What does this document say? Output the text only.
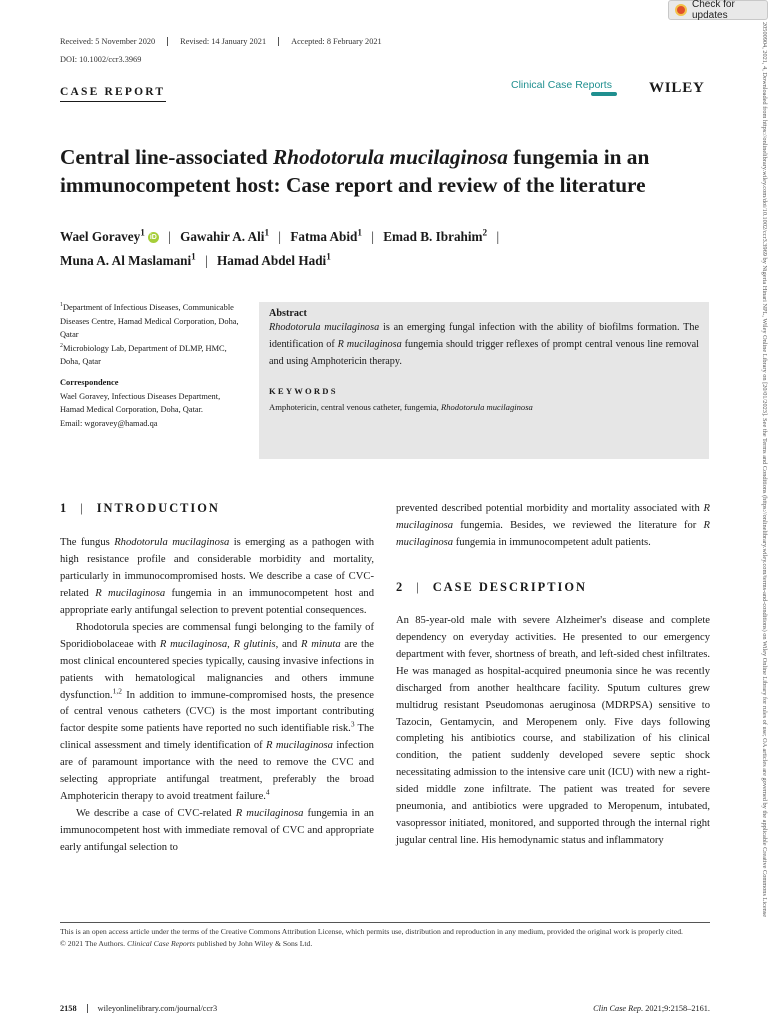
Check for updates
20500904, 2021, 4, Downloaded from https://onlinelibrary.wiley.com/doi/10.1002/ccr3.3969 by Nigeria Hinari NPL, Wiley Online Library on [20/01/2023]. See the Terms and Conditions (https://onlinelibrary.wiley.com/terms-and-conditions) on Wiley Online Library for rules of use; OA articles are governed by the applicable Creative Commons License
Received: 5 November 2020	Revised: 14 January 2021	Accepted: 8 February 2021
DOI: 10.1002/ccr3.3969
CASE REPORT
Clinical Case Reports	WILEY
Central line-associated Rhodotorula mucilaginosa fungemia in an immunocompetent host: Case report and review of the literature
Wael Goravey$^1$ iD | Gawahir A. Ali$^1$ | Fatma Abid$^1$ | Emad B. Ibrahim$^2$ |
Muna A. Al Maslamani$^1$ | Hamad Abdel Hadi$^1$

$^1$Department of Infectious Diseases, Communicable Diseases Centre, Hamad Medical Corporation, Doha, Qatar

$^2$Microbiology Lab, Department of DLMP, HMC, Doha, Qatar

Correspondence

Wael Goravey, Infectious Diseases Department, Hamad Medical Corporation, Doha, Qatar.

Email: wgoravey@hamad.qa

Abstract
Rhodotorula mucilaginosa is an emerging fungal infection with the ability of biofilms formation. The identification of R mucilaginosa fungemia should trigger reflexes of prompt central venous line removal and using Amphotericin therapy.
KEYWORDS
Amphotericin, central venous catheter, fungemia, Rhodotorula mucilaginosa
1 | INTRODUCTION

The fungus Rhodotorula mucilaginosa is emerging as a pathogen with high resistance profile and considerable morbidity and mortality, particularly in immunocompromised hosts. We describe a case of CVC-related R mucilaginosa fungemia in an immunocompetent host and appropriate early antifungal selection to prevent potential consequences.

Rhodotorula species are commensal fungi belonging to the family of Sporidiobolaceae with R mucilaginosa, R glutinis, and R minuta are the most clinical encountered species typically, causing invasive infections in patients with hematological malignancies and others immune dysfunction.$^{1,2}$ In addition to immune-compromised hosts, the presence of central venous catheters (CVC) is the most important contributing factor despite some patients have reported no such identifiable risk.$^3$ The clinical assessment and timely identification of R mucilaginosa infection are of paramount importance with the need to remove the CVC and selecting appropriate antifungal treatment, preferably the broad Amphotericin therapy to avoid treatment failure.$^4$

We describe a case of CVC-related R mucilaginosa fungemia in an immunocompetent host with immediate removal of CVC and appropriate early antifungal selection to

prevented described potential morbidity and mortality associated with R mucilaginosa fungemia. Besides, we reviewed the literature for R mucilaginosa fungemia in immunocompetent adult patients.

2 | CASE DESCRIPTION

An 85-year-old male with severe Alzheimer's disease and complete dependency on everyday activities. He presented to our emergency department with fever, shortness of breath, and left-sided chest infiltrates. He was managed as hospital-acquired pneumonia since he was recently discharged from another healthcare facility. Sputum cultures grew multidrug resistant Pseudomonas aeruginosa (MDRPSA) sensitive to Tazocin, Gentamycin, and Meropenem only. Five days following completing his antibiotics course, and stabilization of his clinical condition, the patient suddenly developed severe septic shock necessitating admission to the intensive care unit (ICU) with new a right-sided middle zone infiltrate. The patient was treated for severe pneumonia, and antibiotics were upgraded to Meropenum, intubated, vasopressor initiated, monitored, and supported through the internal right jugular central line. His hemodynamic status and inflammatory

This is an open access article under the terms of the Creative Commons Attribution License, which permits use, distribution and reproduction in any medium, provided the original work is properly cited.
© 2021 The Authors. Clinical Case Reports published by John Wiley & Sons Ltd.
2158	wileyonlinelibrary.com/journal/ccr3	Clin Case Rep. 2021;9:2158–2161.
